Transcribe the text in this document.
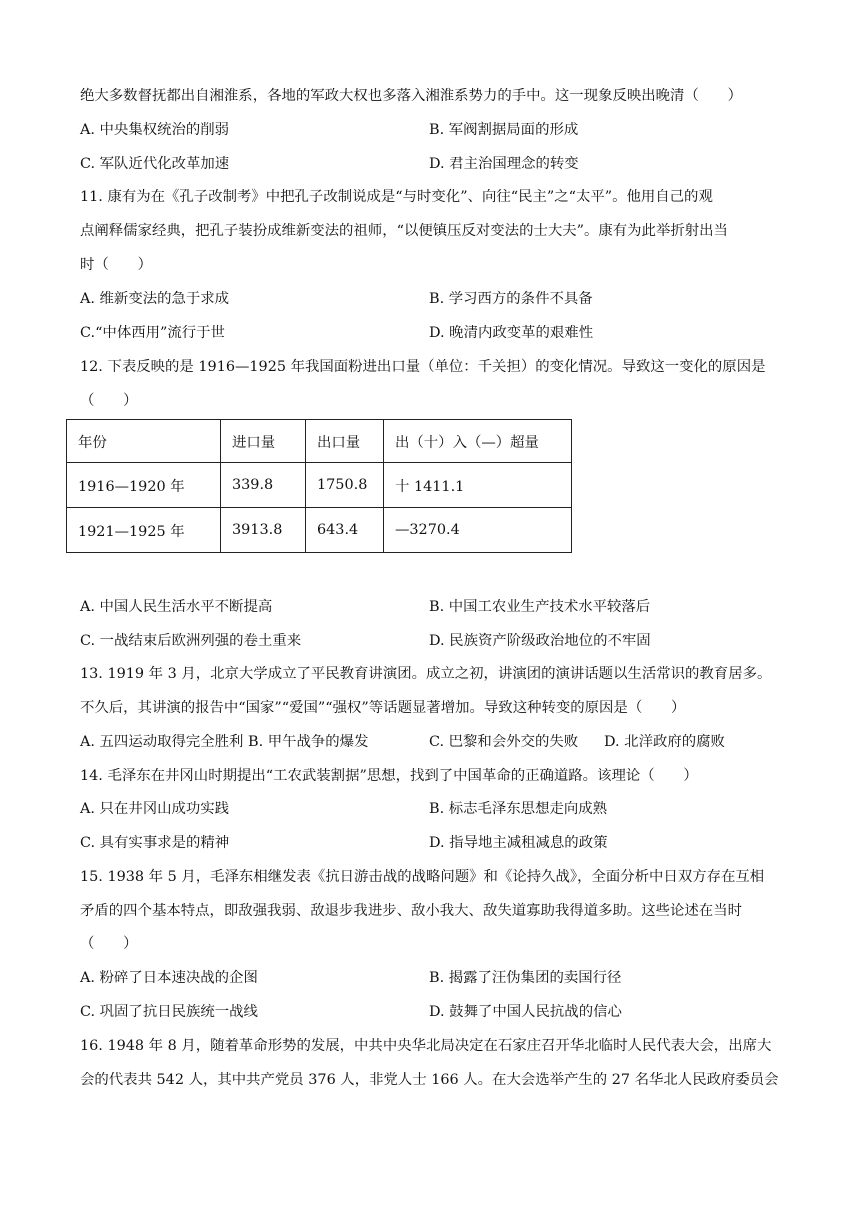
绝大多数督抚都出自湘淮系，各地的军政大权也多落入湘淮系势力的手中。这一现象反映出晚清（　　）
A. 中央集权统治的削弱	B. 军阀割据局面的形成
C. 军队近代化改革加速	D. 君主治国理念的转变
11. 康有为在《孔子改制考》中把孔子改制说成是“与时变化”、向往“民主”之“太平”。他用自己的观
点阐释儒家经典，把孔子装扮成维新变法的祖师，“以便镇压反对变法的士大夫”。康有为此举折射出当
时（　　）
A. 维新变法的急于求成	B. 学习西方的条件不具备
C.“中体西用”流行于世	D. 晚清内政变革的艰难性
12. 下表反映的是 1916—1925 年我国面粉进出口量（单位：千关担）的变化情况。导致这一变化的原因是
（　　）
年份	进口量	出口量	出（十）入（—）超量
1916—1920 年	339.8	1750.8	十 1411.1
1921—1925 年	3913.8	643.4	—3270.4
A. 中国人民生活水平不断提高	B. 中国工农业生产技术水平较落后
C. 一战结束后欧洲列强的卷土重来	D. 民族资产阶级政治地位的不牢固
13. 1919 年 3 月，北京大学成立了平民教育讲演团。成立之初，讲演团的演讲话题以生活常识的教育居多。
不久后，其讲演的报告中“国家”“爱国”“强权”等话题显著增加。导致这种转变的原因是（　　）
A. 五四运动取得完全胜利 B. 甲午战争的爆发	C. 巴黎和会外交的失败 D. 北洋政府的腐败
14. 毛泽东在井冈山时期提出“工农武装割据”思想，找到了中国革命的正确道路。该理论（　　）
A. 只在井冈山成功实践	B. 标志毛泽东思想走向成熟
C. 具有实事求是的精神	D. 指导地主减租减息的政策
15. 1938 年 5 月，毛泽东相继发表《抗日游击战的战略问题》和《论持久战》，全面分析中日双方存在互相
矛盾的四个基本特点，即敌强我弱、敌退步我进步、敌小我大、敌失道寡助我得道多助。这些论述在当时
（　　）
A. 粉碎了日本速决战的企图	B. 揭露了汪伪集团的卖国行径
C. 巩固了抗日民族统一战线	D. 鼓舞了中国人民抗战的信心
16. 1948 年 8 月，随着革命形势的发展，中共中央华北局决定在石家庄召开华北临时人民代表大会，出席大
会的代表共 542 人，其中共产党员 376 人，非党人士 166 人。在大会选举产生的 27 名华北人民政府委员会
